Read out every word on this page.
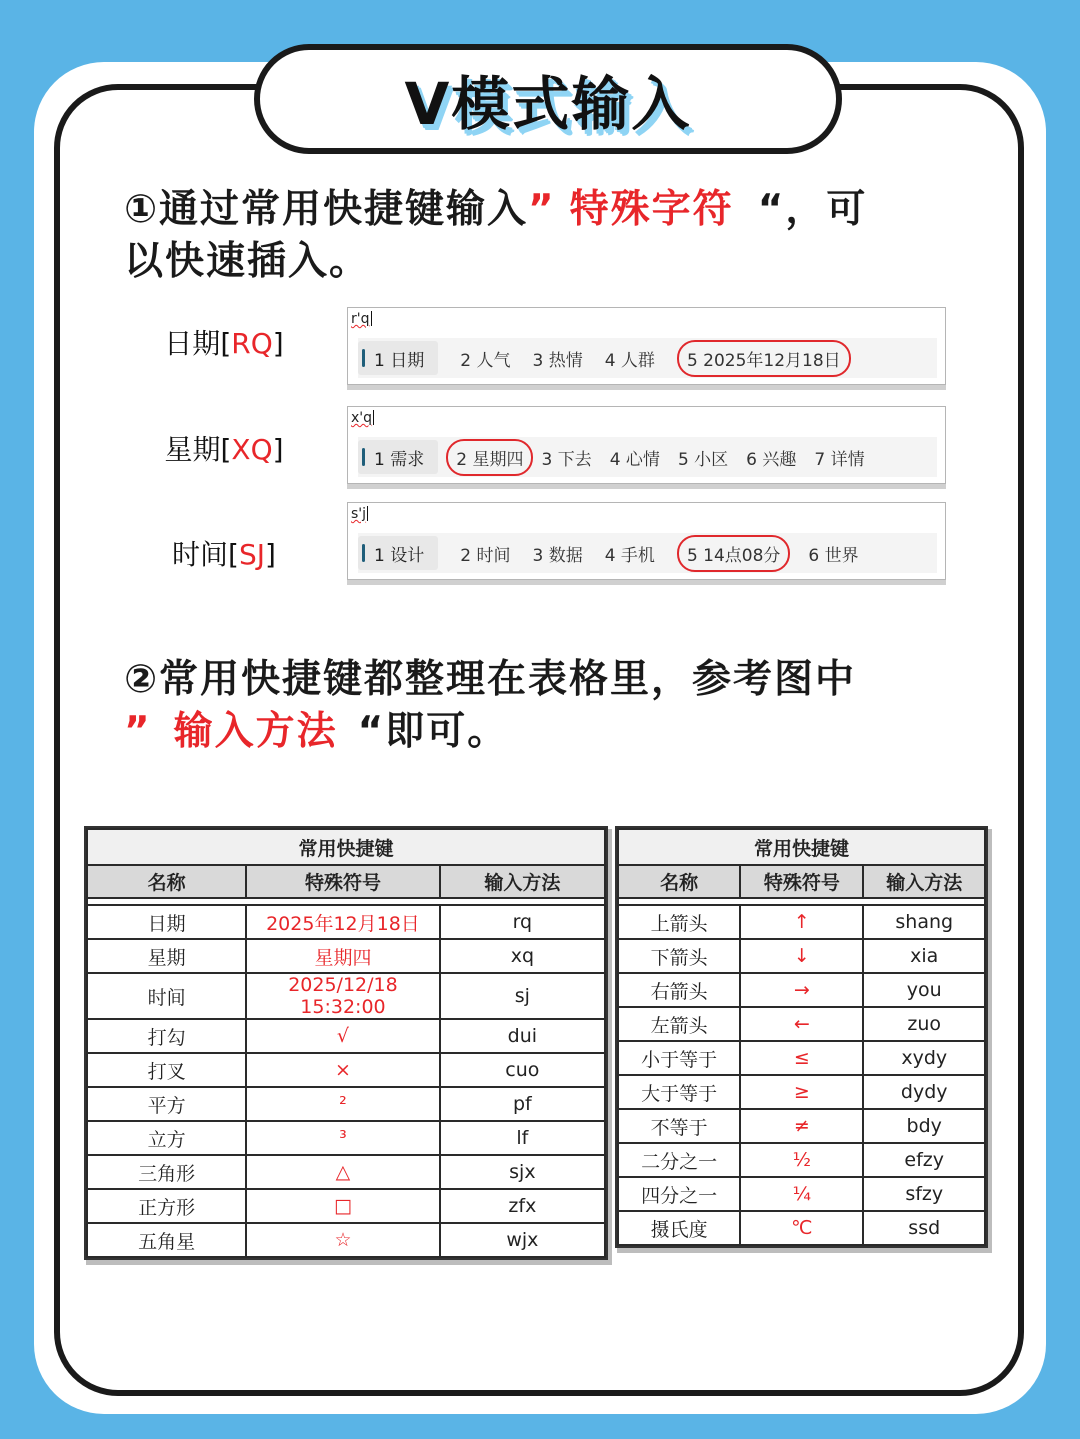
V模式输入
①通过常用快捷键输入” 特殊字符 “，可
以快速插入。
日期[RQ]
r'q
1 日期	2 人气 3 热情 4 人群	5 2025年12月18日
星期[XQ]
x'q
1 需求	2 星期四	3 下去 4 心情 5 小区 6 兴趣 7 详情
时间[SJ]
s'j
1 设计	2 时间 3 数据 4 手机	5 14点08分	6 世界
②常用快捷键都整理在表格里，参考图中
” 输入方法 “即可。
常用快捷键		
名称	特殊符号	输入方法

日期	2025年12月18日	rq
星期	星期四	xq
时间	2025/12/18 15:32:00	sj
打勾	√	dui
打叉	×	cuo
平方	²	pf
立方	³	lf
三角形	△	sjx
正方形	□	zfx
五角星	☆	wjx
常用快捷键		
名称	特殊符号	输入方法

上箭头	↑	shang
下箭头	↓	xia
右箭头	→	you
左箭头	←	zuo
小于等于	≤	xydy
大于等于	≥	dydy
不等于	≠	bdy
二分之一	½	efzy
四分之一	¼	sfzy
摄氏度	℃	ssd
